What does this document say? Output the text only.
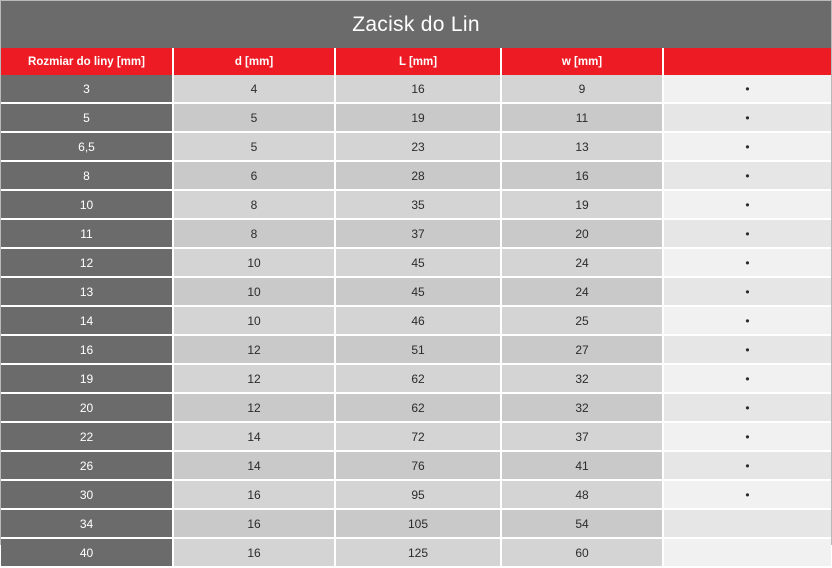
Zacisk do Lin
Rozmiar do liny [mm]	d [mm]	L [mm]	w [mm]	
3	4	16	9	•
5	5	19	11	•
6,5	5	23	13	•
8	6	28	16	•
10	8	35	19	•
11	8	37	20	•
12	10	45	24	•
13	10	45	24	•
14	10	46	25	•
16	12	51	27	•
19	12	62	32	•
20	12	62	32	•
22	14	72	37	•
26	14	76	41	•
30	16	95	48	•
34	16	105	54	
40	16	125	60	
